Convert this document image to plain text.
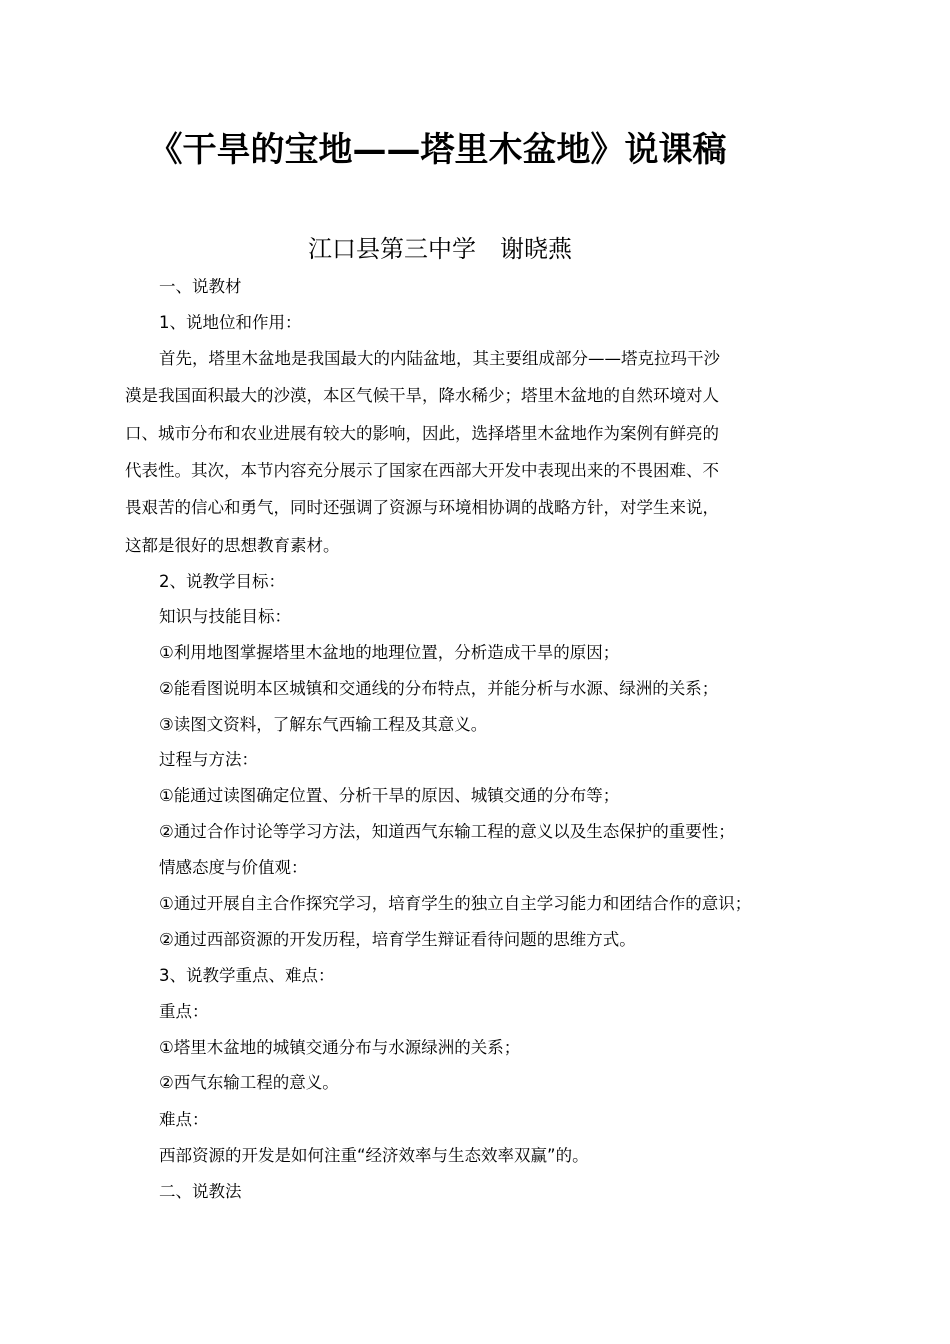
《干旱的宝地——塔里木盆地》说课稿
江口县第三中学　谢晓燕
一、说教材
1、说地位和作用：
首先，塔里木盆地是我国最大的内陆盆地，其主要组成部分——塔克拉玛干沙
漠是我国面积最大的沙漠，本区气候干旱，降水稀少；塔里木盆地的自然环境对人
口、城市分布和农业进展有较大的影响，因此，选择塔里木盆地作为案例有鲜亮的
代表性。其次，本节内容充分展示了国家在西部大开发中表现出来的不畏困难、不
畏艰苦的信心和勇气，同时还强调了资源与环境相协调的战略方针，对学生来说，
这都是很好的思想教育素材。
2、说教学目标：
知识与技能目标：
①利用地图掌握塔里木盆地的地理位置，分析造成干旱的原因；
②能看图说明本区城镇和交通线的分布特点，并能分析与水源、绿洲的关系；
③读图文资料，了解东气西输工程及其意义。
过程与方法：
①能通过读图确定位置、分析干旱的原因、城镇交通的分布等；
②通过合作讨论等学习方法，知道西气东输工程的意义以及生态保护的重要性；
情感态度与价值观：
①通过开展自主合作探究学习，培育学生的独立自主学习能力和团结合作的意识；
②通过西部资源的开发历程，培育学生辩证看待问题的思维方式。
3、说教学重点、难点：
重点：
①塔里木盆地的城镇交通分布与水源绿洲的关系；
②西气东输工程的意义。
难点：
西部资源的开发是如何注重“经济效率与生态效率双赢”的。
二、说教法
